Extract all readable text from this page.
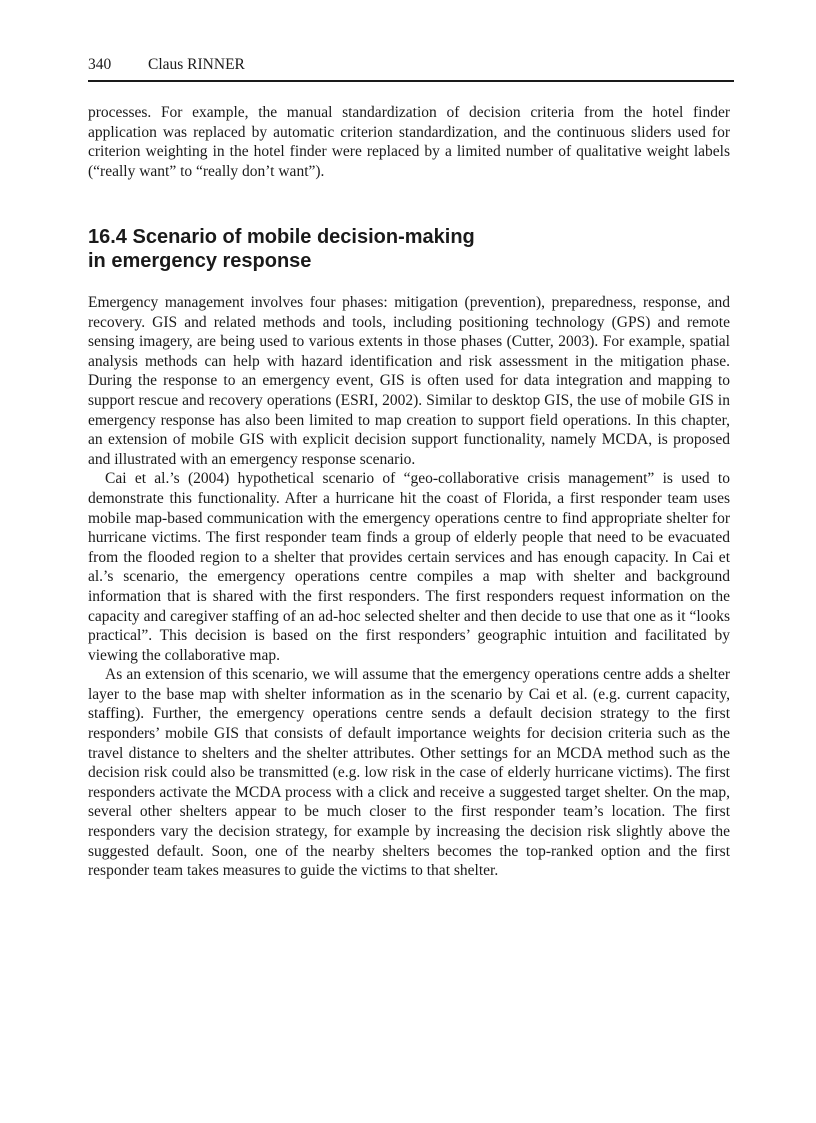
340 Claus RINNER

processes. For example, the manual standardization of decision criteria from the hotel finder application was replaced by automatic criterion standardization, and the continuous sliders used for criterion weighting in the hotel finder were replaced by a limited number of qualitative weight labels (“really want” to “really don’t want”).

16.4 Scenario of mobile decision-making
in emergency response

Emergency management involves four phases: mitigation (prevention), preparedness, response, and recovery. GIS and related methods and tools, including positioning technology (GPS) and remote sensing imagery, are being used to various extents in those phases (Cutter, 2003). For example, spatial analysis methods can help with hazard identification and risk assessment in the mitigation phase. During the response to an emergency event, GIS is often used for data integration and mapping to support rescue and recovery operations (ESRI, 2002). Similar to desktop GIS, the use of mobile GIS in emergency response has also been limited to map creation to support field operations. In this chapter, an extension of mobile GIS with explicit decision support functionality, namely MCDA, is proposed and illustrated with an emergency response scenario.

Cai et al.’s (2004) hypothetical scenario of “geo-collaborative crisis management” is used to demonstrate this functionality. After a hurricane hit the coast of Florida, a first responder team uses mobile map-based communication with the emergency operations centre to find appropriate shelter for hurricane victims. The first responder team finds a group of elderly people that need to be evacuated from the flooded region to a shelter that provides certain services and has enough capacity. In Cai et al.’s scenario, the emergency operations centre compiles a map with shelter and background information that is shared with the first responders. The first responders request information on the capacity and caregiver staffing of an ad-hoc selected shelter and then decide to use that one as it “looks practical”. This decision is based on the first responders’ geographic intuition and facilitated by viewing the collaborative map.

As an extension of this scenario, we will assume that the emergency operations centre adds a shelter layer to the base map with shelter information as in the scenario by Cai et al. (e.g. current capacity, staffing). Further, the emergency operations centre sends a default decision strategy to the first responders’ mobile GIS that consists of default importance weights for decision criteria such as the travel distance to shelters and the shelter attributes. Other settings for an MCDA method such as the decision risk could also be transmitted (e.g. low risk in the case of elderly hurricane victims). The first responders activate the MCDA process with a click and receive a suggested target shelter. On the map, several other shelters appear to be much closer to the first responder team’s location. The first responders vary the decision strategy, for example by increasing the decision risk slightly above the suggested default. Soon, one of the nearby shelters becomes the top-ranked option and the first responder team takes measures to guide the victims to that shelter.
